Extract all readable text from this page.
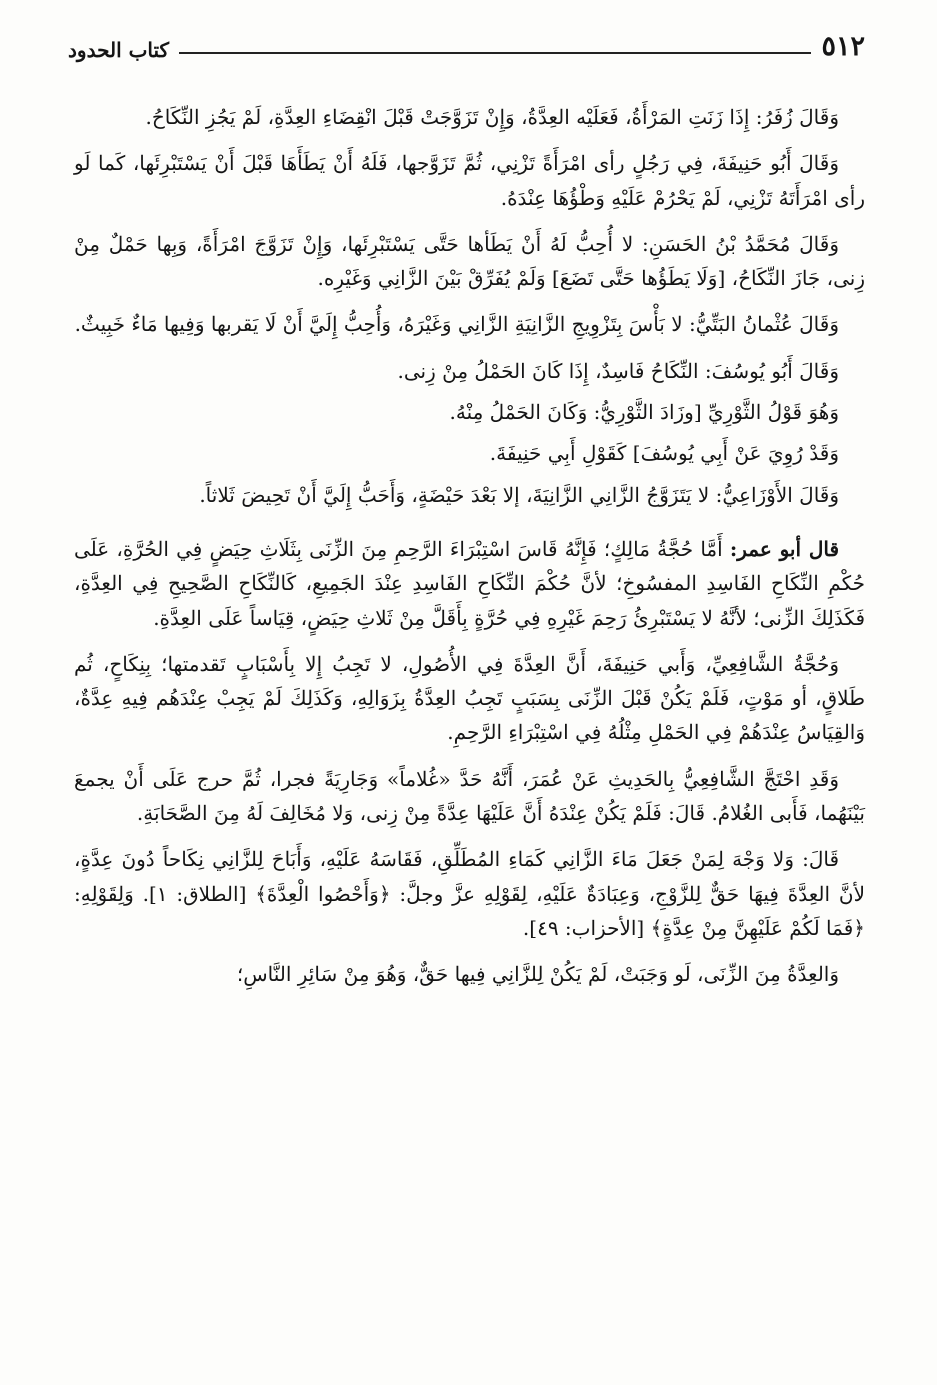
٥١٢
كتاب الحدود

وَقَالَ زُفَرُ: إِذَا زَنَتِ المَرْأَةُ، فَعَلَيْه العِدَّةُ، وَإِنْ تَزَوَّجَتْ قَبْلَ انْقِضَاءِ العِدَّةِ، لَمْ يَجُزِ النِّكَاحُ.

وَقَالَ أَبُو حَنِيفَةَ، فِي رَجُلٍ رأى امْرَأَةً تَزْنِي، ثُمَّ تَزَوَّجها، فَلَهُ أَنْ يَطَأَهَا قَبْلَ أَنْ يَسْتَبْرِئَها، كَما لَو رأى امْرَأَتَهُ تَزْنِي، لَمْ يَحْرُمْ عَلَيْهِ وَطْؤُهَا عِنْدَهُ.

وَقَالَ مُحَمَّدُ بْنُ الحَسَنِ: لا أُحِبُّ لَهُ أَنْ يَطَأها حَتَّى يَسْتَبْرِئَها، وَإِنْ تَزَوَّجَ امْرَأَةً، وَبِها حَمْلٌ مِنْ زِنى، جَازَ النِّكَاحُ، [وَلَا يَطَؤُها حَتَّى تَضَعَ] وَلَمْ يُفَرِّقْ بَيْنَ الزَّانِي وَغَيْرِه.

وَقَالَ عُثْمانُ البَتِّيُّ: لا بَأْسَ بِتَزْوِيجِ الزَّانِيَةِ الزَّانِي وَغَيْرَهُ، وَأُحِبُّ إِلَيَّ أَنْ لَا يَقربها وَفِيها مَاءٌ خَبِيثٌ.

وَقَالَ أَبُو يُوسُفَ: النِّكَاحُ فَاسِدٌ، إِذَا كَانَ الحَمْلُ مِنْ زِنى.

وَهُوَ قَوْلُ الثَّوْرِيِّ [وزَادَ الثَّوْرِيُّ: وَكَانَ الحَمْلُ مِنْهُ.

وَقَدْ رُوِيَ عَنْ أَبِي يُوسُفَ] كَقَوْلِ أَبِي حَنِيفَةَ.

وَقَالَ الأَوْزَاعِيُّ: لا يَتَزَوَّجُ الزَّانِي الزَّانِيَةَ، إلا بَعْدَ حَيْضَةٍ، وَأَحَبُّ إِلَيَّ أَنْ تَحِيضَ ثَلاثاً.

قال أبو عمر: أَمَّا حُجَّةُ مَالِكٍ؛ فَإِنَّهُ قَاسَ اسْتِبْرَاءَ الرَّحِمِ مِنَ الزِّنَى بِثَلَاثِ حِيَضٍ فِي الحُرَّةِ، عَلَى حُكْمِ النِّكَاحِ الفَاسِدِ المفسُوخِ؛ لأنَّ حُكْمَ النِّكَاحِ الفَاسِدِ عِنْدَ الجَمِيعِ، كَالنِّكَاحِ الصَّحِيحِ فِي العِدَّةِ، فَكَذَلِكَ الزِّنى؛ لأنَّهُ لا يَسْتَبْرِئُ رَحِمَ غَيْرِهِ فِي حُرَّةٍ بِأَقَلَّ مِنْ ثَلاثِ حِيَضٍ، قِيَاساً عَلَى العِدَّةِ.

وَحُجَّةُ الشَّافِعِيِّ، وَأَبي حَنِيفَةَ، أَنَّ العِدَّةَ فِي الأُصُولِ، لا تَجِبُ إِلا بِأَسْبَابٍ تَقدمتها؛ بِنِكَاحٍ، ثُم طَلاقٍ، أو مَوْتٍ، فَلَمْ يَكُنْ قَبْلَ الزِّنَى بِسَبَبٍ تَجِبُ العِدَّةُ بِزَوَالِهِ، وَكَذَلِكَ لَمْ يَجِبْ عِنْدَهُم فِيهِ عِدَّةٌ، وَالقِيَاسُ عِنْدَهُمْ فِي الحَمْلِ مِثْلُهُ فِي اسْتِبْرَاءِ الرَّحِمِ.

وَقَدِ احْتَجَّ الشَّافِعِيُّ بِالحَدِيثِ عَنْ عُمَرَ، أَنَّهُ حَدَّ «غُلاماً» وَجَارِيَةً فجرا، ثُمَّ حرج عَلَى أَنْ يجمعَ بَيْنَهُما، فَأَبى الغُلامُ. قَالَ: فَلَمْ يَكُنْ عِنْدَهُ أَنَّ عَلَيْهَا عِدَّةً مِنْ زِنى، وَلا مُخَالِفَ لَهُ مِنَ الصَّحَابَةِ.

قَالَ: وَلا وَجْهَ لِمَنْ جَعَلَ مَاءَ الزَّانِي كَمَاءِ المُطَلِّقِ، فَقَاسَهُ عَلَيْهِ، وَأَبَاحَ لِلزَّانِي نِكَاحاً دُونَ عِدَّةٍ، لأنَّ العِدَّةَ فِيهَا حَقٌّ لِلزَّوْجِ، وَعِبَادَةٌ عَلَيْهِ، لِقَوْلِهِ عزَّ وجلَّ: ﴿وَأَحْصُوا الْعِدَّةَ﴾ [الطلاق: ١]. وَلِقَوْلِهِ: ﴿فَمَا لَكُمْ عَلَيْهِنَّ مِنْ عِدَّةٍ﴾ [الأحزاب: ٤٩].

وَالعِدَّةُ مِنَ الزِّنَى، لَو وَجَبَتْ، لَمْ يَكُنْ لِلزَّانِي فِيها حَقٌّ، وَهُوَ مِنْ سَائِرِ النَّاسِ؛
